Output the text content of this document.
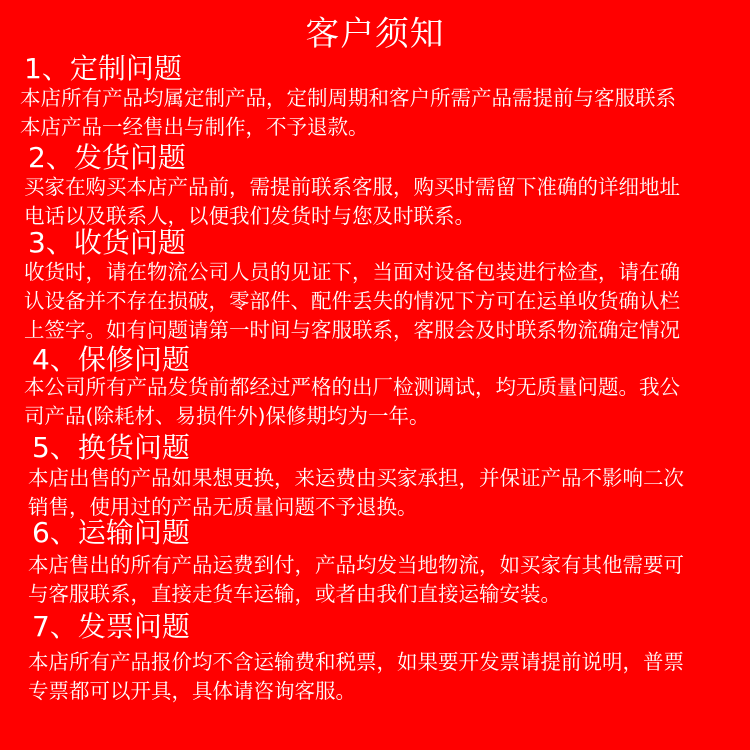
客户须知
1、定制问题
本店所有产品均属定制产品，定制周期和客户所需产品需提前与客服联系
本店产品一经售出与制作，不予退款。
2、发货问题
买家在购买本店产品前，需提前联系客服，购买时需留下准确的详细地址
电话以及联系人，以便我们发货时与您及时联系。
3、收货问题
收货时，请在物流公司人员的见证下，当面对设备包装进行检查，请在确
认设备并不存在损破，零部件、配件丢失的情况下方可在运单收货确认栏
上签字。如有问题请第一时间与客服联系，客服会及时联系物流确定情况
4、保修问题
本公司所有产品发货前都经过严格的出厂检测调试，均无质量问题。我公
司产品(除耗材、易损件外)保修期均为一年。
5、换货问题
本店出售的产品如果想更换，来运费由买家承担，并保证产品不影响二次
销售，使用过的产品无质量问题不予退换。
6、运输问题
本店售出的所有产品运费到付，产品均发当地物流，如买家有其他需要可
与客服联系，直接走货车运输，或者由我们直接运输安装。
7、发票问题
本店所有产品报价均不含运输费和税票，如果要开发票请提前说明，普票
专票都可以开具，具体请咨询客服。
